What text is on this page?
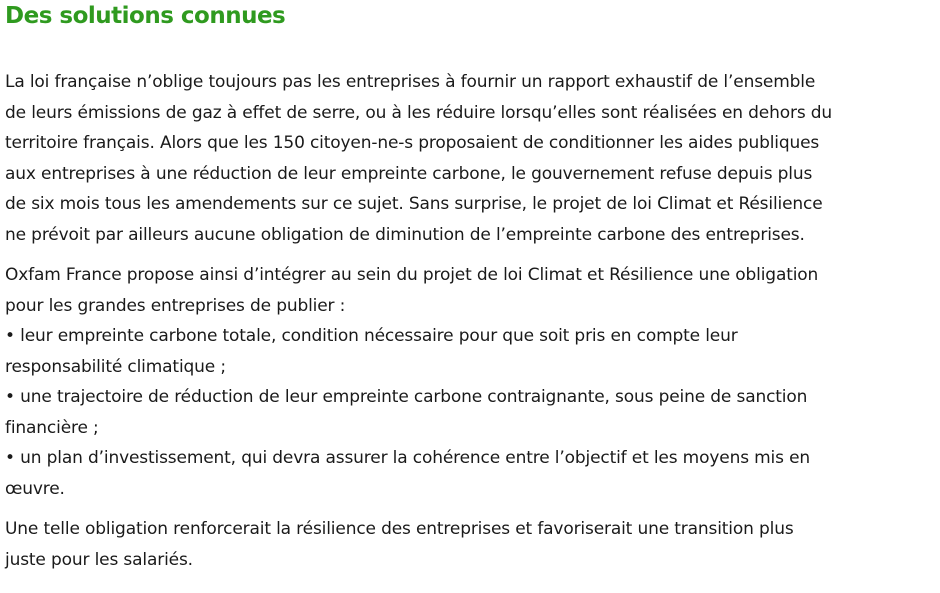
Des solutions connues

La loi française n’oblige toujours pas les entreprises à fournir un rapport exhaustif de l’ensemble
de leurs émissions de gaz à effet de serre, ou à les réduire lorsqu’elles sont réalisées en dehors du
territoire français. Alors que les 150 citoyen-ne-s proposaient de conditionner les aides publiques
aux entreprises à une réduction de leur empreinte carbone, le gouvernement refuse depuis plus
de six mois tous les amendements sur ce sujet. Sans surprise, le projet de loi Climat et Résilience
ne prévoit par ailleurs aucune obligation de diminution de l’empreinte carbone des entreprises.

Oxfam France propose ainsi d’intégrer au sein du projet de loi Climat et Résilience une obligation
pour les grandes entreprises de publier :
• leur empreinte carbone totale, condition nécessaire pour que soit pris en compte leur
responsabilité climatique ;
• une trajectoire de réduction de leur empreinte carbone contraignante, sous peine de sanction
financière ;
• un plan d’investissement, qui devra assurer la cohérence entre l’objectif et les moyens mis en
œuvre.

Une telle obligation renforcerait la résilience des entreprises et favoriserait une transition plus
juste pour les salariés.
